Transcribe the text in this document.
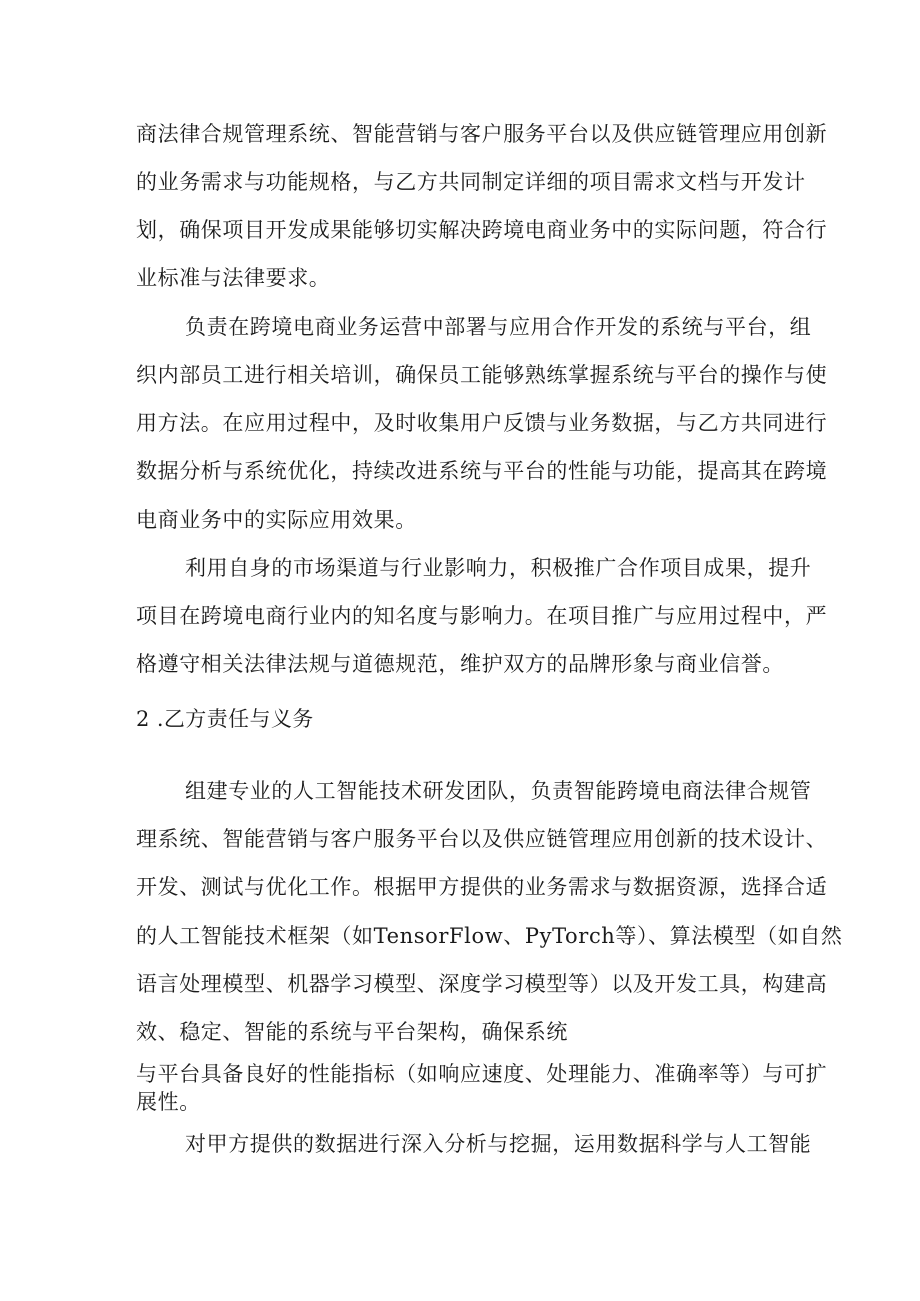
商法律合规管理系统、智能营销与客户服务平台以及供应链管理应用创新
的业务需求与功能规格，与乙方共同制定详细的项目需求文档与开发计
划，确保项目开发成果能够切实解决跨境电商业务中的实际问题，符合行
业标准与法律要求。
负责在跨境电商业务运营中部署与应用合作开发的系统与平台，组
织内部员工进行相关培训，确保员工能够熟练掌握系统与平台的操作与使
用方法。在应用过程中，及时收集用户反馈与业务数据，与乙方共同进行
数据分析与系统优化，持续改进系统与平台的性能与功能，提高其在跨境
电商业务中的实际应用效果。
利用自身的市场渠道与行业影响力，积极推广合作项目成果，提升
项目在跨境电商行业内的知名度与影响力。在项目推广与应用过程中，严
格遵守相关法律法规与道德规范，维护双方的品牌形象与商业信誉。
2 .乙方责任与义务
组建专业的人工智能技术研发团队，负责智能跨境电商法律合规管
理系统、智能营销与客户服务平台以及供应链管理应用创新的技术设计、
开发、测试与优化工作。根据甲方提供的业务需求与数据资源，选择合适
的人工智能技术框架（如TensorFlow、PyTorch等）、算法模型（如自然
语言处理模型、机器学习模型、深度学习模型等）以及开发工具，构建高
效、稳定、智能的系统与平台架构，确保系统
与平台具备良好的性能指标（如响应速度、处理能力、准确率等）与可扩
展性。
对甲方提供的数据进行深入分析与挖掘，运用数据科学与人工智能
